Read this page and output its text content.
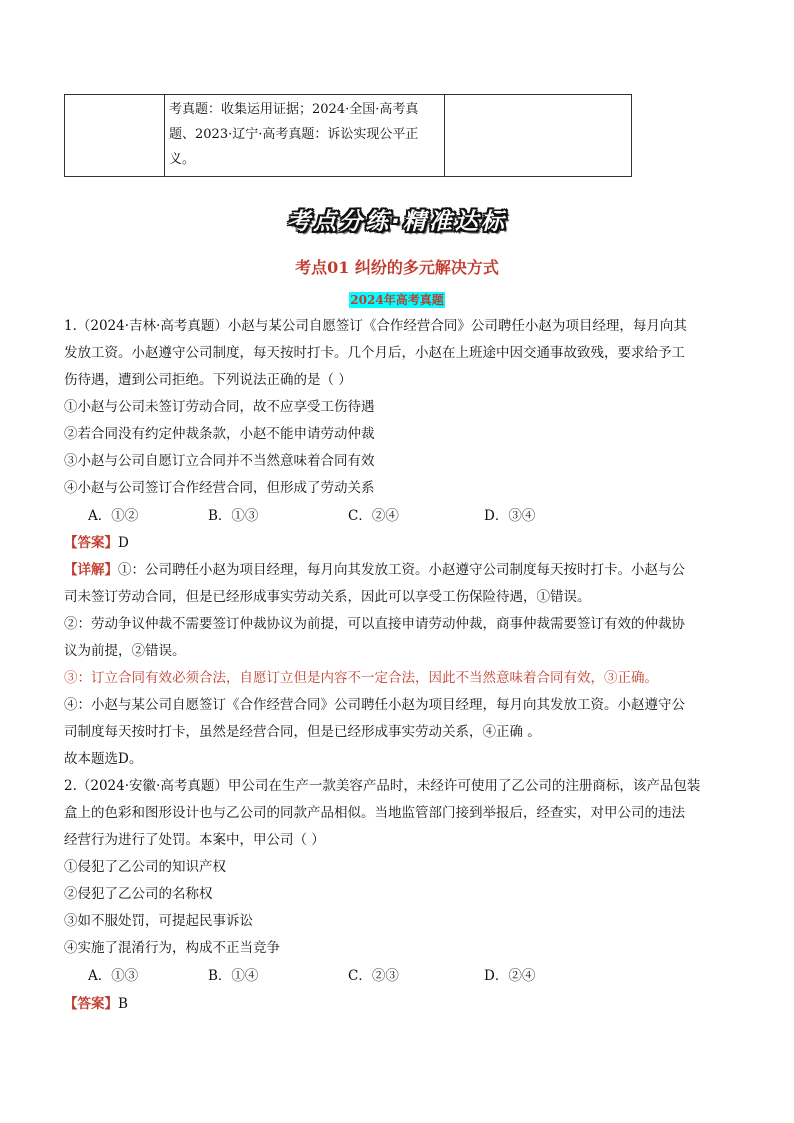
考真题：收集运用证据；2024·全国·高考真
题、2023·辽宁·高考真题：诉讼实现公平正
义。

考点分练·精准达标
考点01 纠纷的多元解决方式
2024年高考真题

1.（2024·吉林·高考真题）小赵与某公司自愿签订《合作经营合同》公司聘任小赵为项目经理，每月向其

发放工资。小赵遵守公司制度，每天按时打卡。几个月后，小赵在上班途中因交通事故致残，要求给予工

伤待遇，遭到公司拒绝。下列说法正确的是（ ）

①小赵与公司未签订劳动合同，故不应享受工伤待遇

②若合同没有约定仲裁条款，小赵不能申请劳动仲裁

③小赵与公司自愿订立合同并不当然意味着合同有效

④小赵与公司签订合作经营合同，但形成了劳动关系

A．①②	B．①③	C．②④	D．③④

【答案】D

【详解】①：公司聘任小赵为项目经理，每月向其发放工资。小赵遵守公司制度每天按时打卡。小赵与公

司未签订劳动合同，但是已经形成事实劳动关系，因此可以享受工伤保险待遇，①错误。

②：劳动争议仲裁不需要签订仲裁协议为前提，可以直接申请劳动仲裁，商事仲裁需要签订有效的仲裁协

议为前提，②错误。

③：订立合同有效必须合法，自愿订立但是内容不一定合法，因此不当然意味着合同有效，③正确。

④：小赵与某公司自愿签订《合作经营合同》公司聘任小赵为项目经理，每月向其发放工资。小赵遵守公

司制度每天按时打卡，虽然是经营合同，但是已经形成事实劳动关系，④正确 。

故本题选D。

2.（2024·安徽·高考真题）甲公司在生产一款美容产品时，未经许可使用了乙公司的注册商标，该产品包装

盒上的色彩和图形设计也与乙公司的同款产品相似。当地监管部门接到举报后，经查实，对甲公司的违法

经营行为进行了处罚。本案中，甲公司（ ）

①侵犯了乙公司的知识产权

②侵犯了乙公司的名称权

③如不服处罚，可提起民事诉讼

④实施了混淆行为，构成不正当竞争

A．①③	B．①④	C．②③	D．②④

【答案】B
